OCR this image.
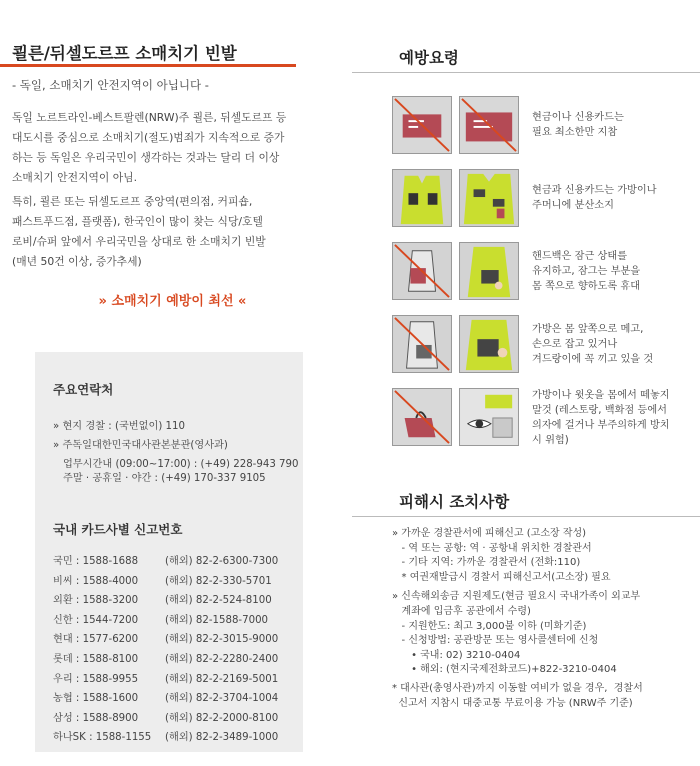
쾰른/뒤셀도르프 소매치기 빈발
- 독일, 소매치기 안전지역이 아닙니다 -
독일 노르트라인-베스트팔렌(NRW)주 쾰른, 뒤셀도르프 등
대도시를 중심으로 소매치기(절도)범죄가 지속적으로 증가
하는 등 독일은 우리국민이 생각하는 것과는 달리 더 이상
소매치기 안전지역이 아님.
특히, 쾰른 또는 뒤셀도르프 중앙역(편의점, 커피숍,
패스트푸드점, 플랫폼), 한국인이 많이 찾는 식당/호텔
로비/슈퍼 앞에서 우리국민을 상대로 한 소매치기 빈발
(매년 50건 이상, 증가추세)
» 소매치기 예방이 최선 «
주요연락처
» 현지 경찰 : (국번없이) 110
» 주독일대한민국대사관본분관(영사과)
업무시간내 (09:00~17:00) : (+49) 228-943 790
주말 · 공휴일 · 야간 : (+49) 170-337 9105
국내 카드사별 신고번호
국민 : 1588-1688	(해외) 82-2-6300-7300
비씨 : 1588-4000	(해외) 82-2-330-5701
외환 : 1588-3200	(해외) 82-2-524-8100
신한 : 1544-7200	(해외) 82-1588-7000
현대 : 1577-6200	(해외) 82-2-3015-9000
롯데 : 1588-8100	(해외) 82-2-2280-2400
우리 : 1588-9955	(해외) 82-2-2169-5001
농협 : 1588-1600	(해외) 82-2-3704-1004
삼성 : 1588-8900	(해외) 82-2-2000-8100
하나SK : 1588-1155 (해외) 82-2-3489-1000
예방요령
현금이나 신용카드는
필요 최소한만 지참
현금과 신용카드는 가방이나
주머니에 분산소지
핸드백은 잠근 상태를
유지하고, 잠그는 부분을
몸 쪽으로 향하도록 휴대
가방은 몸 앞쪽으로 메고,
손으로 잡고 있거나
겨드랑이에 꼭 끼고 있을 것
가방이나 윗옷을 몸에서 떼놓지
말것 (레스토랑, 백화점 등에서
의자에 걸거나 부주의하게 방치
시 위험)
피해시 조치사항
» 가까운 경찰관서에 피해신고 (고소장 작성)
- 역 또는 공항: 역 · 공항내 위치한 경찰관서
- 기타 지역: 가까운 경찰관서 (전화:110)
* 여권재발급시 경찰서 피해신고서(고소장) 필요
» 신속해외송금 지원제도(현금 필요시 국내가족이 외교부
계좌에 입금후 공관에서 수령)
- 지원한도: 최고 3,000불 이하 (미화기준)
- 신청방법: 공관방문 또는 영사콜센터에 신청
• 국내: 02) 3210-0404
• 해외: (현지국제전화코드)+822-3210-0404
* 대사관(총영사관)까지 이동할 여비가 없을 경우,  경찰서
신고서 지참시 대중교통 무료이용 가능 (NRW주 기준)
